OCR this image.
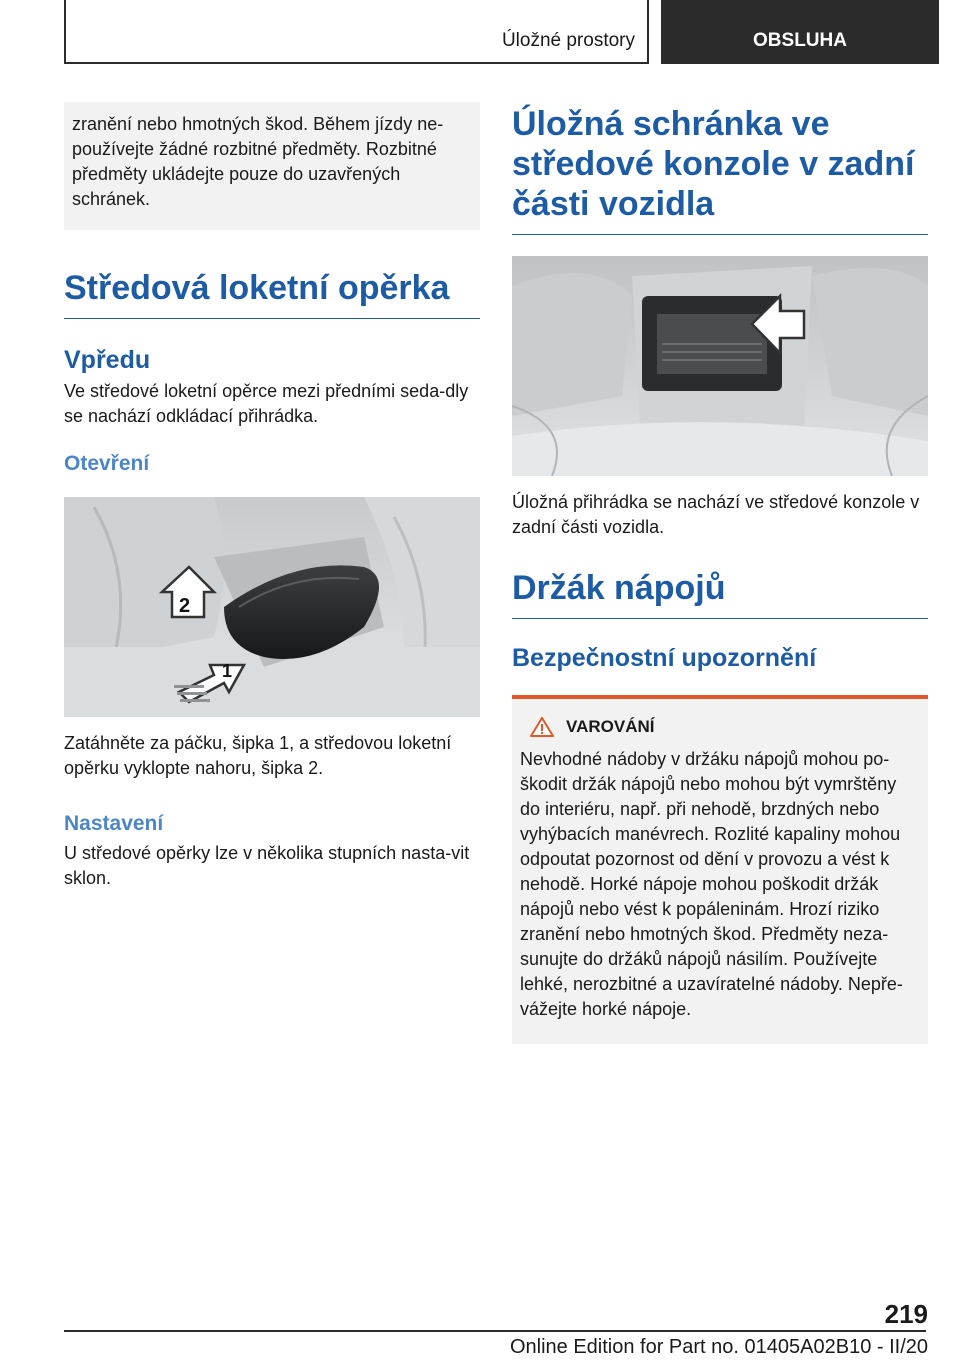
Úložné prostory	OBSLUHA
zranění nebo hmotných škod. Během jízdy ne-používejte žádné rozbitné předměty. Rozbitné předměty ukládejte pouze do uzavřených schránek.
Středová loketní opěrka
Vpředu
Ve středové loketní opěrce mezi předními seda-dly se nachází odkládací přihrádka.
Otevření
2
1
Zatáhněte za páčku, šipka 1, a středovou loketní opěrku vyklopte nahoru, šipka 2.
Nastavení
U středové opěrky lze v několika stupních nasta-vit sklon.
Úložná schránka ve středové konzole v zadní části vozidla
Úložná přihrádka se nachází ve středové konzole v zadní části vozidla.
Držák nápojů
Bezpečnostní upozornění
VAROVÁNÍ
Nevhodné nádoby v držáku nápojů mohou po-škodit držák nápojů nebo mohou být vymrštěny do interiéru, např. při nehodě, brzdných nebo vyhýbacích manévrech. Rozlité kapaliny mohou odpoutat pozornost od dění v provozu a vést k nehodě. Horké nápoje mohou poškodit držák nápojů nebo vést k popáleninám. Hrozí riziko zranění nebo hmotných škod. Předměty neza-sunujte do držáků nápojů násilím. Používejte lehké, nerozbitné a uzavíratelné nádoby. Nepře-vážejte horké nápoje.
219
Online Edition for Part no. 01405A02B10 - II/20
